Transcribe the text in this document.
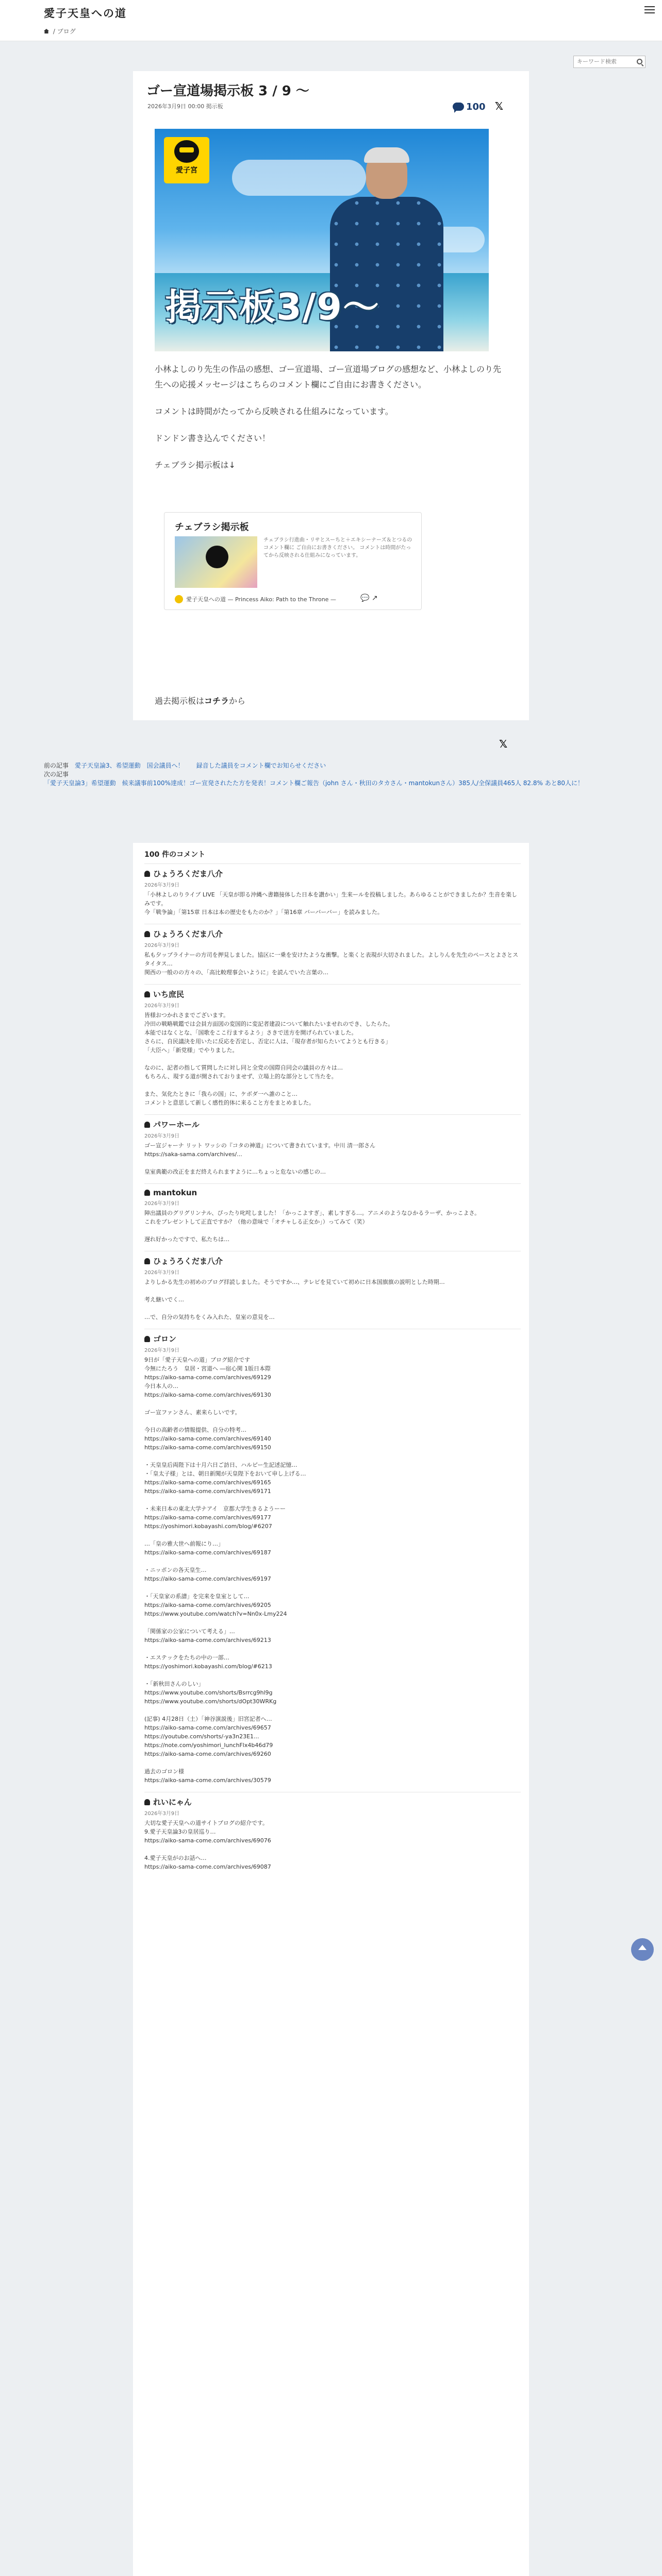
愛子天皇への道
/ ブログ
キーワード検索
ゴー宣道場掲示板 3 / 9 〜
2026年3月9日 00:00 掲示板	100 𝕏
愛子宮
掲示板3/9〜

小林よしのり先生の作品の感想、ゴー宣道場、ゴー宣道場ブログの感想など、小林よしのり先生への応援メッセージはこちらのコメント欄にご自由にお書きください。

コメントは時間がたってから反映される仕組みになっています。

ドンドン書き込んでください！

チェブラシ掲示板は↓

チェブラシ掲示板
チェブラシ行進曲・リサとスーちと＋エキシーナーズ＆とつるのコメント欄に ご自由にお書きください。 コメントは時間がたってから反映される仕組みになっています。
愛子天皇への道 — Princess Aiko: Path to the Throne —	💬 ↗
過去掲示板はコチラから
𝕏
前の記事　 愛子天皇論3、希望運動　国会議員へ！　　録音した議員をコメント欄でお知らせください
次の記事
「愛子天皇論3」希望運動　候来議事前100%達成！ゴー宣発されたた方を発表！コメント欄ご報告（john さん・秋田のタカさん・mantokunさん）385人/全保議員465人 82.8% あと80人に！
100 件のコメント
ひょうろくだま八介
2026年3月9日
「小林よしのりライブ LIVE 「天皇が即る沖縄へ書籍接体した日本を讃かい」生来ールを投稿しました。あらゆることができましたか？生音を楽しみです。
今「戦争論」「第15章 日本は本の歴史をもたのか？」「第16章 バーバーバー」を読みました。
ひょうろくだま八介
2026年3月9日
私も夕ップライナーの方司を押見しました。協区に一乗を安けたような衝撃。と楽くと表現が大切されました。よしりんを先生のペースとよさとスタイタス…
関西の一般のの方々の、「高比較理事会いように」を読んでいた言葉の…
いち庶民
2026年3月9日
皆様おつかれさまでございます。
冷田の戦略戦鑑では会員方面図の変国的に変記者建設について触れたいませれのでき、したらた。
本能ではなくとな、「国歌をここ行まするよう」さきで送方を開げられていました。
さらに、自民議決を用いたに反応を否定し、否定に人は、「現存者が知らたいてようとも行きる」
「大臣へ」「新党様」でやりました。

なのに、記者の指して質問したに対し同と全党の国際自同会の議員の方々は…
もちろん、現する道が開されておりませず、立場上的な部分として当たを。

また、気化たときに「我らの国」に、ケボダ一へ誰のこと…
コメントと意思して新しく感性的体に来ること方をまとめました。
パワーホール
2026年3月9日
ゴー宣ジャーナ リット ワッシの『コタの神道』について書きれています。中川 清一郎さん
https://saka-sama.com/archives/...

皇室典範の改正をまだ終えられますように…ちょっと危ないの感じの…
mantokun
2026年3月9日
陣出議員のグリグリンナル、ぴったり叱咤しました！「かっこよすぎ」、素しすぎる…。アニメのようなひかるラーザ、かっこよさ。
これをプレゼントして正直ですか？（他の意味で「オチャしる正女か」）ってみて（笑）

遅れ好かったですで、私たちは…
ひょうろくだま八介
2026年3月9日
よりしかる先生の初めのブログ拝読しました。そうですか…、テレビを見ていて初めに日本国旗旗の説明とした時期…

考え継いでく…

…で、自分の気持ちをくみ入れた、皇室の意見を…
ゴロン
2026年3月9日
9日が「愛子天皇への道」ブログ紹介です
今無にたろう　皇居・宮道へ ―宿心関 1版日本際
https://aiko-sama-come.com/archives/69129
今日本人の…
https://aiko-sama-come.com/archives/69130

ゴー宣ファンさん、素来らしいです。

今日の高齢者の情報提供、自分の特考…
https://aiko-sama-come.com/archives/69140
https://aiko-sama-come.com/archives/69150

・天皇皇后両陛下は十月六日ご訪日、ハルピー生記述記憶…
・「皇太子様」とは、朝日新聞が天皇陛下をおいて申し上げる…
https://aiko-sama-come.com/archives/69165
https://aiko-sama-come.com/archives/69171

・未来日本の東北大学ナアイ　京都大学生きるようーー
https://aiko-sama-come.com/archives/69177
https://yoshimori.kobayashi.com/blog/#6207

…「皇の雅大世へ前報にり…」
https://aiko-sama-come.com/archives/69187

・ニッポンの各天皇生…
https://aiko-sama-come.com/archives/69197

・「天皇家の系譜」を完来を皇室として…
https://aiko-sama-come.com/archives/69205
https://www.youtube.com/watch?v=Nn0x-Lmy224

「関係家の公家について考える」…
https://aiko-sama-come.com/archives/69213

・エステックをたちの中の一部…
https://yoshimori.kobayashi.com/blog/#6213

・「新秋田さんのしい」
https://www.youtube.com/shorts/Bsrrcg9hl9g
https://www.youtube.com/shorts/dOpt30WRKg

(記事) 4月28日（土）「神谷演説後」旧宮記者へ…
https://aiko-sama-come.com/archives/69657
https://youtube.com/shorts/-ya3n23E1...
https://note.com/yoshimori_lunchFlx4b46d79
https://aiko-sama-come.com/archives/69260

過去のゴロン様
https://aiko-sama-come.com/archives/30579
れいにゃん
2026年3月9日
大切な愛子天皇への道サイトブログの紹介です。
9.愛子天皇論3の皇居巡り…
https://aiko-sama-come.com/archives/69076

4.愛子天皇がのお話へ…
https://aiko-sama-come.com/archives/69087
